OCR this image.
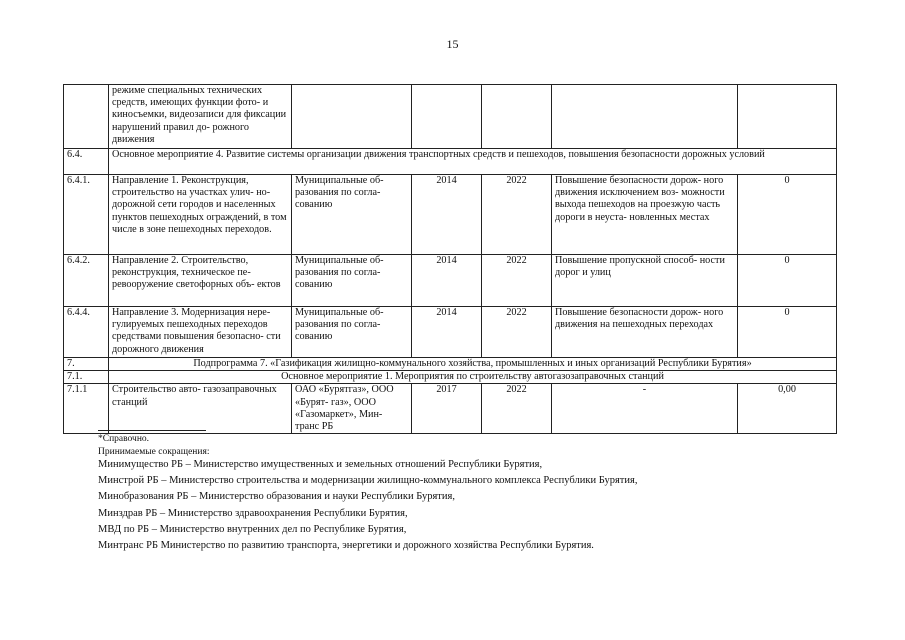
15
	режиме специальных технических средств, имеющих функции фото- и киносъемки, видеозаписи для фиксации нарушений правил до- рожного движения					
6.4.	Основное мероприятие 4. Развитие системы организации движения транспортных средств и пешеходов, повышения безопасности дорожных условий					
6.4.1.	Направление 1. Реконструкция, строительство на участках улич- но-дорожной сети городов и населенных пунктов пешеходных ограждений, в том числе в зоне пешеходных переходов.	Муниципальные об- разования по согла- сованию	2014	2022	Повышение безопасности дорож- ного движения исключением воз- можности выхода пешеходов на проезжую часть дороги в неуста- новленных местах	0
6.4.2.	Направление 2. Строительство, реконструкция, техническое пе- ревооружение светофорных объ- ектов	Муниципальные об- разования по согла- сованию	2014	2022	Повышение пропускной способ- ности дорог и улиц	0
6.4.4.	Направление 3. Модернизация нере- гулируемых пешеходных переходов средствами повышения безопасно- сти дорожного движения	Муниципальные об- разования по согла- сованию	2014	2022	Повышение безопасности дорож- ного движения на пешеходных переходах	0
7.	Подпрограмма 7. «Газификация жилищно-коммунального хозяйства, промышленных и иных организаций Республики Бурятия»					
7.1.	Основное мероприятие 1. Мероприятия по строительству автогазозаправочных станций					
7.1.1	Строительство авто- газозаправочных станций	ОАО «Бурятгаз», ООО «Бурят- газ», ООО «Газомаркет», Мин- транс РБ	2017	2022	-	0,00
*Справочно.
Принимаемые сокращения:
Минимущество РБ – Министерство имущественных и земельных отношений Республики Бурятия,
Минстрой РБ – Министерство строительства и модернизации жилищно-коммунального комплекса Республики Бурятия,
Минобразования РБ – Министерство образования и науки Республики Бурятия,
Минздрав РБ – Министерство здравоохранения Республики Бурятия,
МВД по РБ – Министерство внутренних дел по Республике Бурятия,
Минтранс РБ Министерство по развитию транспорта, энергетики и дорожного хозяйства Республики Бурятия.
